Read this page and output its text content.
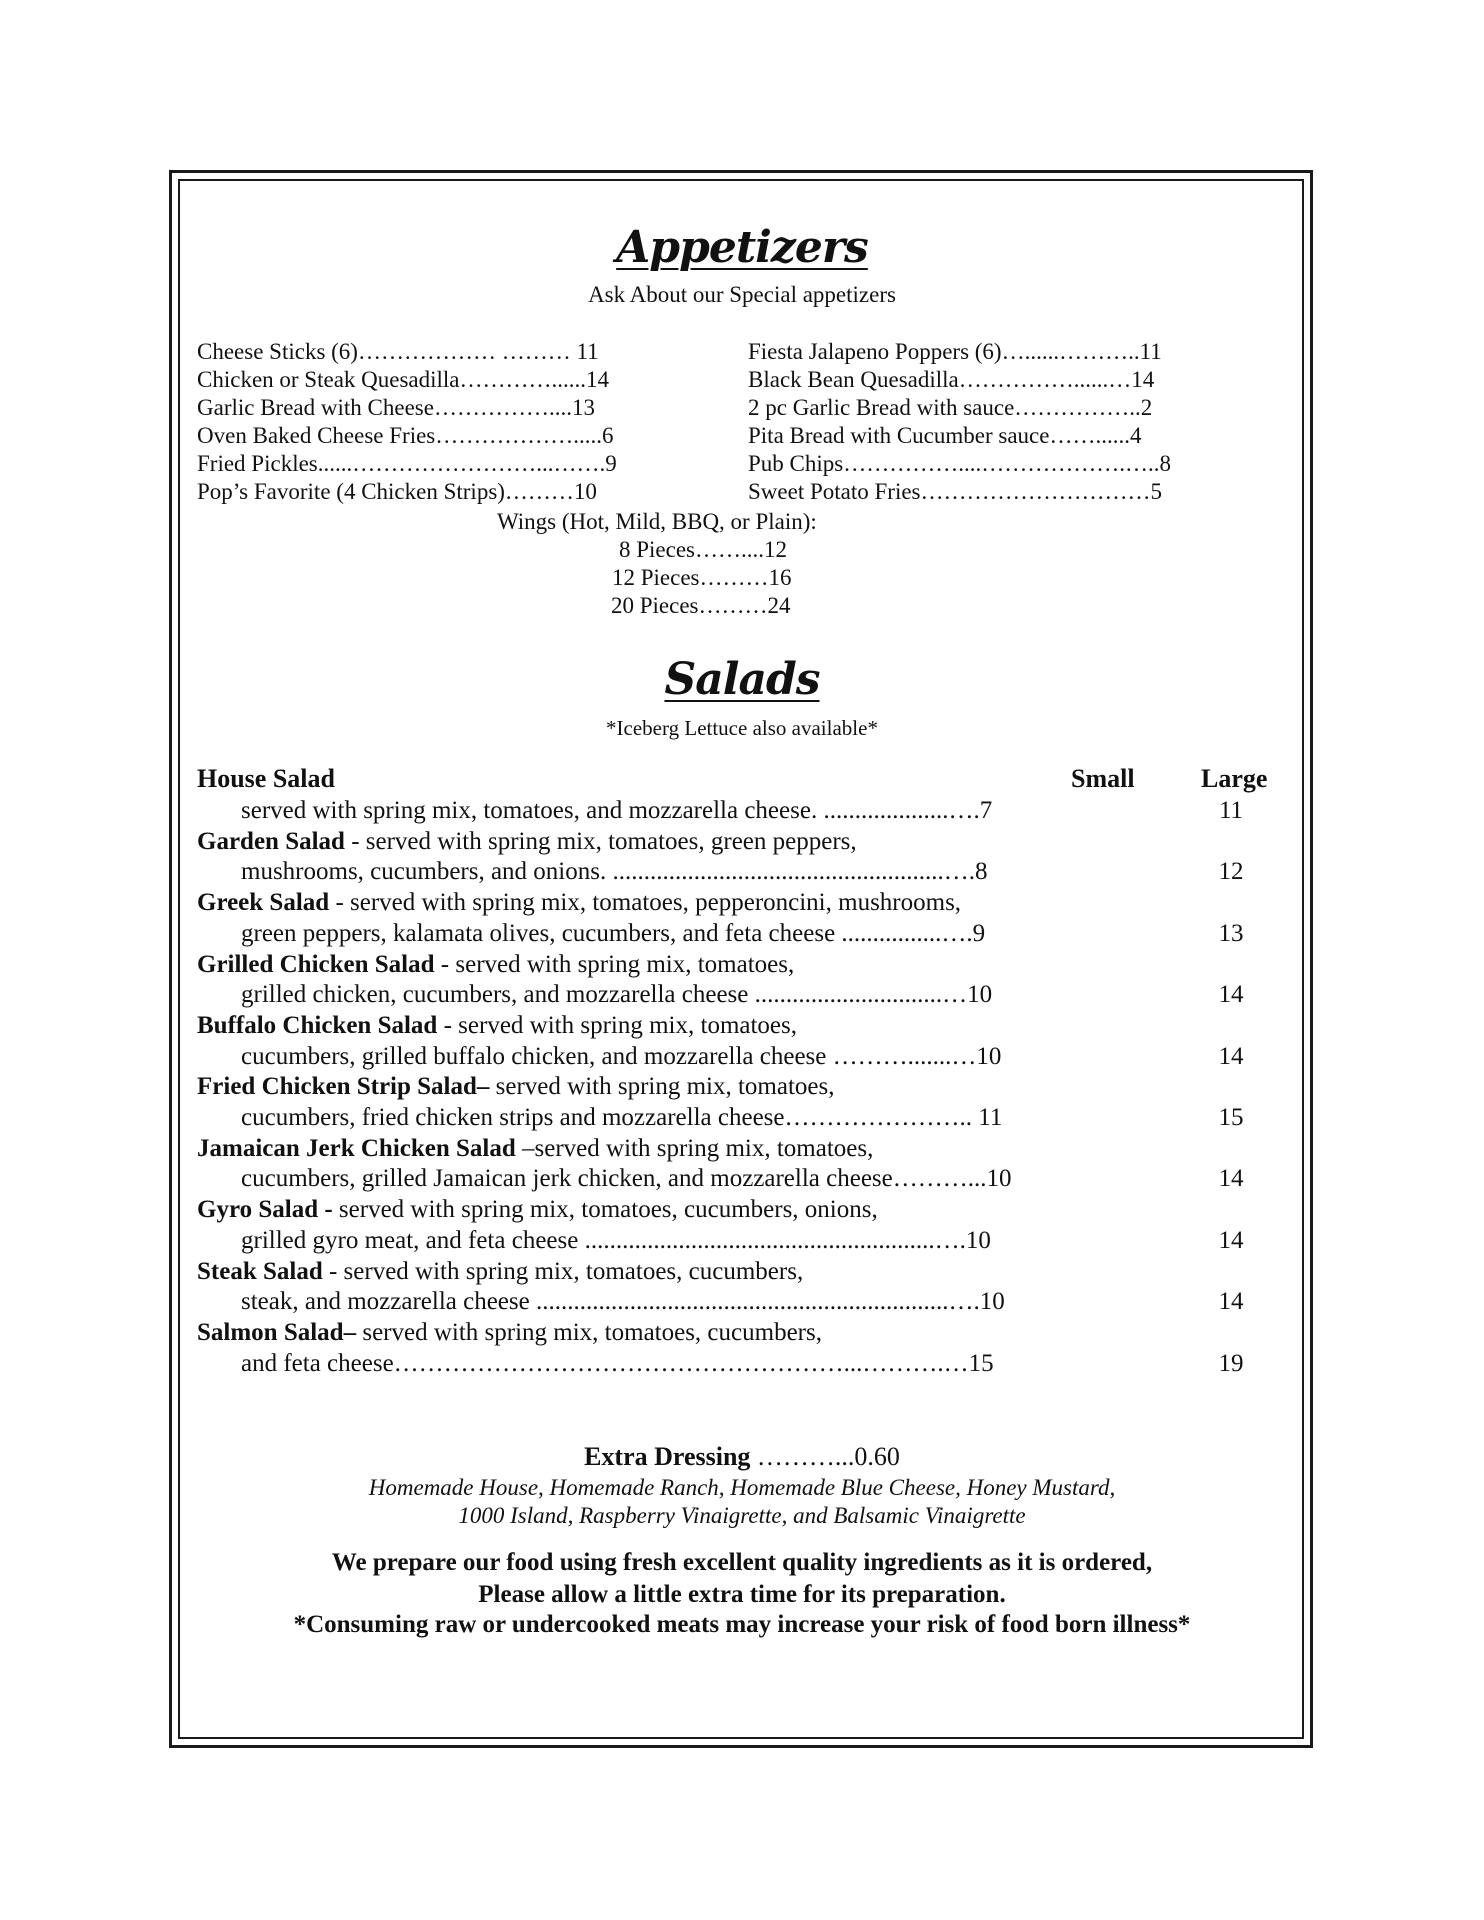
Appetizers
Ask About our Special appetizers
Cheese Sticks (6)……………… ……… 11
Chicken or Steak Quesadilla…………......14
Garlic Bread with Cheese……………....13
Oven Baked Cheese Fries……………….....6
Fried Pickles......……………………...…….9
Pop’s Favorite (4 Chicken Strips)………10
Fiesta Jalapeno Poppers (6)…......………..11
Black Bean Quesadilla……………......…14
2 pc Garlic Bread with sauce……………..2
Pita Bread with Cucumber sauce……......4
Pub Chips……………....……………….…..8
Sweet Potato Fries…………………………5
Wings (Hot, Mild, BBQ, or Plain):
8 Pieces……....12
12 Pieces………16
20 Pieces………24
Salads
*Iceberg Lettuce also available*
House Salad	Small	Large
served with spring mix, tomatoes, and mozzarella cheese. ....................….7	11
Garden Salad - served with spring mix, tomatoes, green peppers,
mushrooms, cucumbers, and onions. .....................................................….8	12
Greek Salad - served with spring mix, tomatoes, pepperoncini, mushrooms,
green peppers, kalamata olives, cucumbers, and feta cheese ................….9	13
Grilled Chicken Salad - served with spring mix, tomatoes,
grilled chicken, cucumbers, and mozzarella cheese ..............................…10	14
Buffalo Chicken Salad - served with spring mix, tomatoes,
cucumbers, grilled buffalo chicken, and mozzarella cheese ……….......…10	14
Fried Chicken Strip Salad– served with spring mix, tomatoes,
cucumbers, fried chicken strips and mozzarella cheese………………….. 11	15
Jamaican Jerk Chicken Salad –served with spring mix, tomatoes,
cucumbers, grilled Jamaican jerk chicken, and mozzarella cheese………...10	14
Gyro Salad - served with spring mix, tomatoes, cucumbers, onions,
grilled gyro meat, and feta cheese ........................................................….10	14
Steak Salad - served with spring mix, tomatoes, cucumbers,
steak, and mozzarella cheese ..................................................................….10	14
Salmon Salad– served with spring mix, tomatoes, cucumbers,
and feta cheese………………………………………………...……….…15	19
Extra Dressing ………...0.60
Homemade House, Homemade Ranch, Homemade Blue Cheese, Honey Mustard,
1000 Island, Raspberry Vinaigrette, and Balsamic Vinaigrette
We prepare our food using fresh excellent quality ingredients as it is ordered,
Please allow a little extra time for its preparation.
*Consuming raw or undercooked meats may increase your risk of food born illness*
